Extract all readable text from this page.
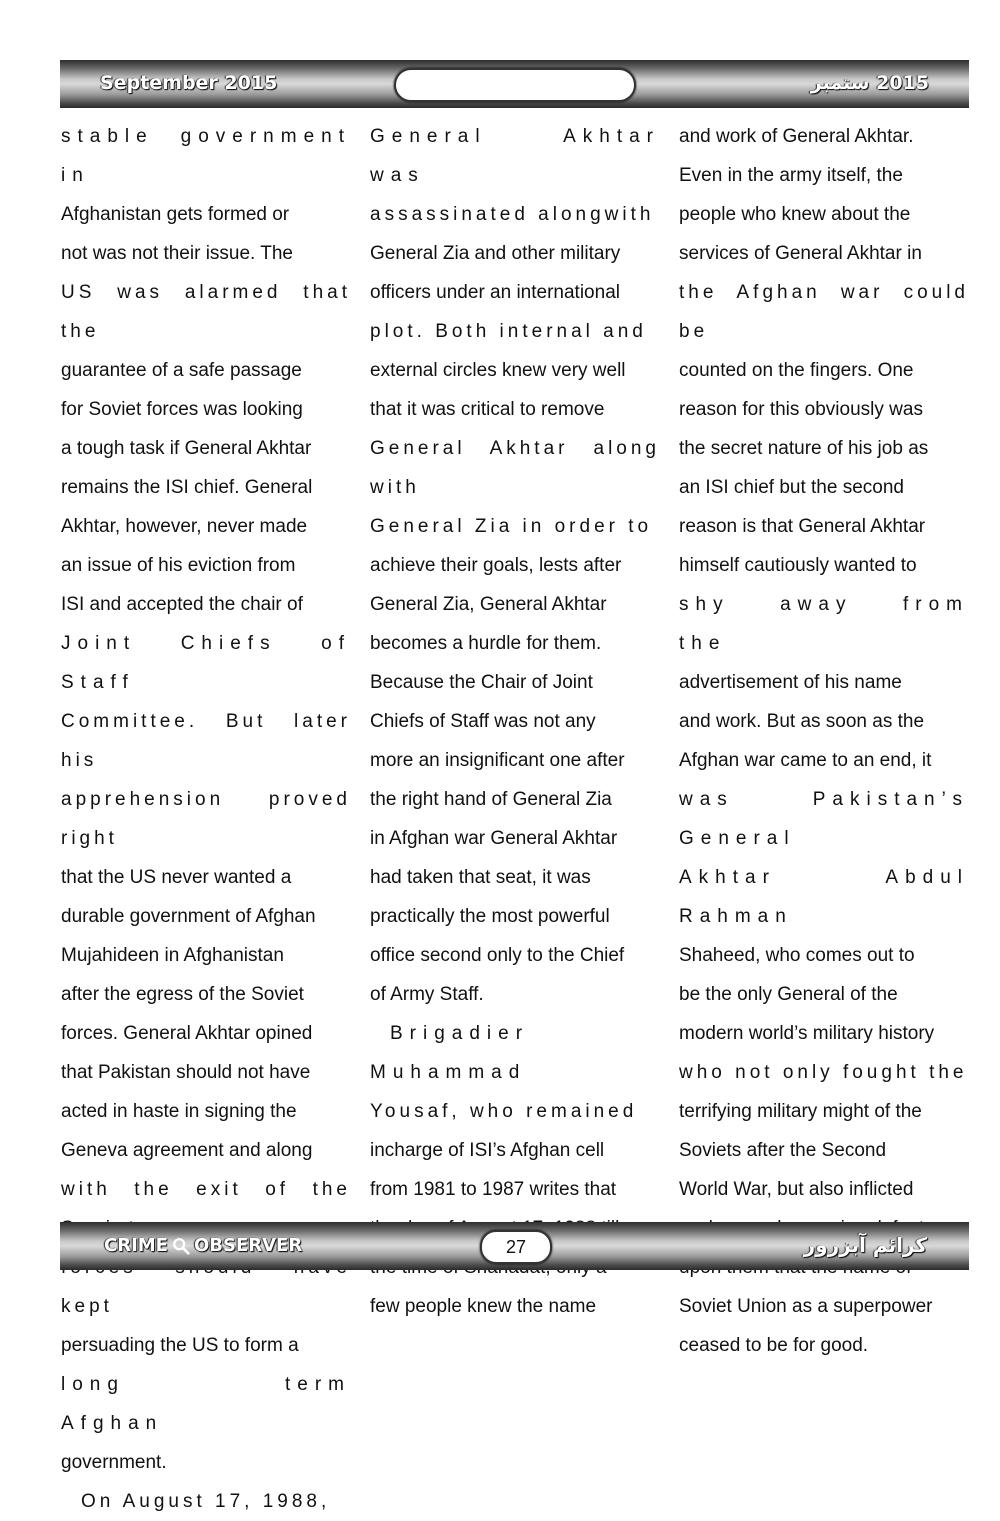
September 2015	2015 ستمبر

stable government in

Afghanistan gets formed or

not was not their issue. The

US was alarmed that the

guarantee of a safe passage

for Soviet forces was looking

a tough task if General Akhtar

remains the ISI chief. General

Akhtar, however, never made

an issue of his eviction from

ISI and accepted the chair of

Joint Chiefs of Staff

Committee. But later his

apprehension proved right

that the US never wanted a

durable government of Afghan

Mujahideen in Afghanistan

after the egress of the Soviet

forces. General Akhtar opined

that Pakistan should not have

acted in haste in signing the

Geneva agreement and along

with the exit of the

kept

persuading the US to form a

long term Afghan

government.

On August 17, 1988,

General Akhtar was

assassinated alongwith

General Zia and other military

officers under an international

plot. Both internal and

external circles knew very well

that it was critical to remove

General Akhtar along with

General Zia in order to

achieve their goals, lests after

General Zia, General Akhtar

becomes a hurdle for them.

Because the Chair of Joint

Chiefs of Staff was not any

more an insignificant one after

the right hand of General Zia

in Afghan war General Akhtar

had taken that seat, it was

practically the most powerful

office second only to the Chief

of Army Staff.

Brigadier Muhammad

Yousaf, who remained

incharge of ISI’s Afghan cell

from 1981 to 1987 writes that

few people knew the name

and work of General Akhtar.

Even in the army itself, the

people who knew about the

services of General Akhtar in

the Afghan war could be

counted on the fingers. One

reason for this obviously was

the secret nature of his job as

an ISI chief but the second

reason is that General Akhtar

himself cautiously wanted to

shy away from the

advertisement of his name

and work. But as soon as the

Afghan war came to an end, it

was Pakistan’s General

Akhtar Abdul Rahman

Shaheed, who comes out to

be the only General of the

modern world’s military history

who not only fought the

terrifying military might of the

Soviets after the Second

World War, but also inflicted

Soviet Union as a superpower

ceased to be for good.

CRIME OBSERVER	27	کرائم آبزرور
